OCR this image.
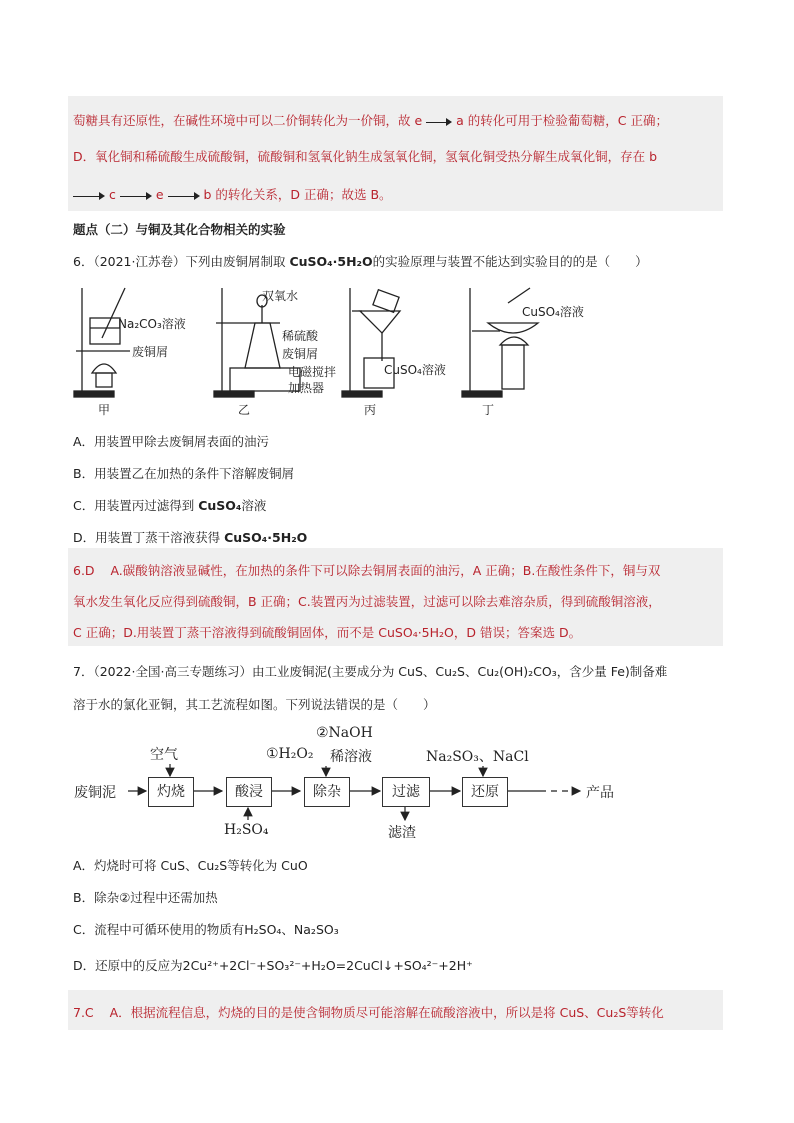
萄糖具有还原性，在碱性环境中可以二价铜转化为一价铜，故 e	a 的转化可用于检验葡萄糖，C 正确；
D．氧化铜和稀硫酸生成硫酸铜，硫酸铜和氢氧化钠生成氢氧化铜，氢氧化铜受热分解生成氧化铜，存在 b
c	e	b 的转化关系，D 正确；故选 B。
题点（二）与铜及其化合物相关的实验
6．（2021·江苏卷）下列由废铜屑制取 CuSO₄·5H₂O的实验原理与装置不能达到实验目的的是（　　）
Na₂CO₃溶液
废铜屑
双氧水
稀硫酸
废铜屑
电磁搅拌
加热器
CuSO₄溶液
CuSO₄溶液
甲	乙	丙	丁
A．用装置甲除去废铜屑表面的油污
B．用装置乙在加热的条件下溶解废铜屑
C．用装置丙过滤得到 CuSO₄溶液
D．用装置丁蒸干溶液获得 CuSO₄·5H₂O
6.D A.碳酸钠溶液显碱性，在加热的条件下可以除去铜屑表面的油污，A 正确；B.在酸性条件下，铜与双
氧水发生氧化反应得到硫酸铜，B 正确；C.装置丙为过滤装置，过滤可以除去难溶杂质，得到硫酸铜溶液，
C 正确；D.用装置丁蒸干溶液得到硫酸铜固体，而不是 CuSO₄·5H₂O，D 错误；答案选 D。
7．（2022·全国·高三专题练习）由工业废铜泥(主要成分为 CuS、Cu₂S、Cu₂(OH)₂CO₃，含少量 Fe)制备难
溶于水的氯化亚铜，其工艺流程如图。下列说法错误的是（　　）
废铜泥	灼烧	酸浸	除杂	过滤	还原	产品
空气
H₂SO₄
①H₂O₂
②NaOH
稀溶液
滤渣
Na₂SO₃、NaCl
A．灼烧时可将 CuS、Cu₂S等转化为 CuO
B．除杂②过程中还需加热
C．流程中可循环使用的物质有H₂SO₄、Na₂SO₃
D．还原中的反应为2Cu²⁺+2Cl⁻+SO₃²⁻+H₂O=2CuCl↓+SO₄²⁻+2H⁺
7.C A．根据流程信息，灼烧的目的是使含铜物质尽可能溶解在硫酸溶液中，所以是将 CuS、Cu₂S等转化
